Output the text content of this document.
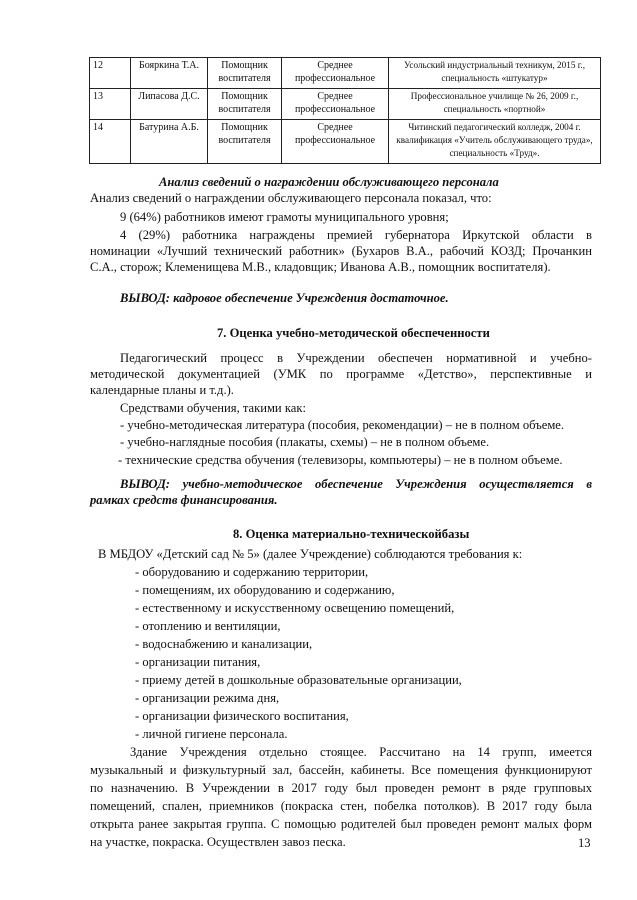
12	Бояркина Т.А.	Помощник воспитателя	Среднее профессиональное	Усольский индустриальный техникум, 2015 г., специальность «штукатур»
13	Липасова Д.С.	Помощник воспитателя	Среднее профессиональное	Профессиональное училище № 26, 2009 г., специальность «портной»
14	Батурина А.Б.	Помощник воспитателя	Среднее профессиональное	Читинский педагогический колледж, 2004 г. квалификация «Учитель обслуживающего труда», специальность «Труд».
Анализ сведений о награждении обслуживающего персонала
Анализ сведений о награждении обслуживающего персонала показал, что:
9 (64%) работников имеют грамоты муниципального уровня;
4 (29%) работника награждены премией губернатора Иркутской области в
номинации «Лучший технический работник» (Бухаров В.А., рабочий КОЗД; Прочанкин
С.А., сторож; Клеменищева М.В., кладовщик; Иванова А.В., помощник воспитателя).
ВЫВОД: кадровое обеспечение Учреждения достаточное.
7. Оценка учебно-методической обеспеченности
Педагогический процесс в Учреждении обеспечен нормативной и учебно-
методической документацией (УМК по программе «Детство», перспективные и
календарные планы и т.д.).
Средствами обучения, такими как:
- учебно-методическая литература (пособия, рекомендации) – не в полном объеме.
- учебно-наглядные пособия (плакаты, схемы) – не в полном объеме.
- технические средства обучения (телевизоры, компьютеры) – не в полном объеме.
ВЫВОД: учебно-методическое обеспечение Учреждения осуществляется в
рамках средств финансирования.
8. Оценка материально-техническойбазы
В МБДОУ «Детский сад № 5» (далее Учреждение) соблюдаются требования к:
- оборудованию и содержанию территории,
- помещениям, их оборудованию и содержанию,
- естественному и искусственному освещению помещений,
- отоплению и вентиляции,
- водоснабжению и канализации,
- организации питания,
- приему детей в дошкольные образовательные организации,
- организации режима дня,
- организации физического воспитания,
- личной гигиене персонала.
Здание Учреждения отдельно стоящее. Рассчитано на 14 групп, имеется
музыкальный и физкультурный зал, бассейн, кабинеты. Все помещения функционируют
по назначению. В Учреждении в 2017 году был проведен ремонт в ряде групповых
помещений, спален, приемников (покраска стен, побелка потолков). В 2017 году была
открыта ранее закрытая группа. С помощью родителей был проведен ремонт малых форм
на участке, покраска. Осуществлен завоз песка.	13
